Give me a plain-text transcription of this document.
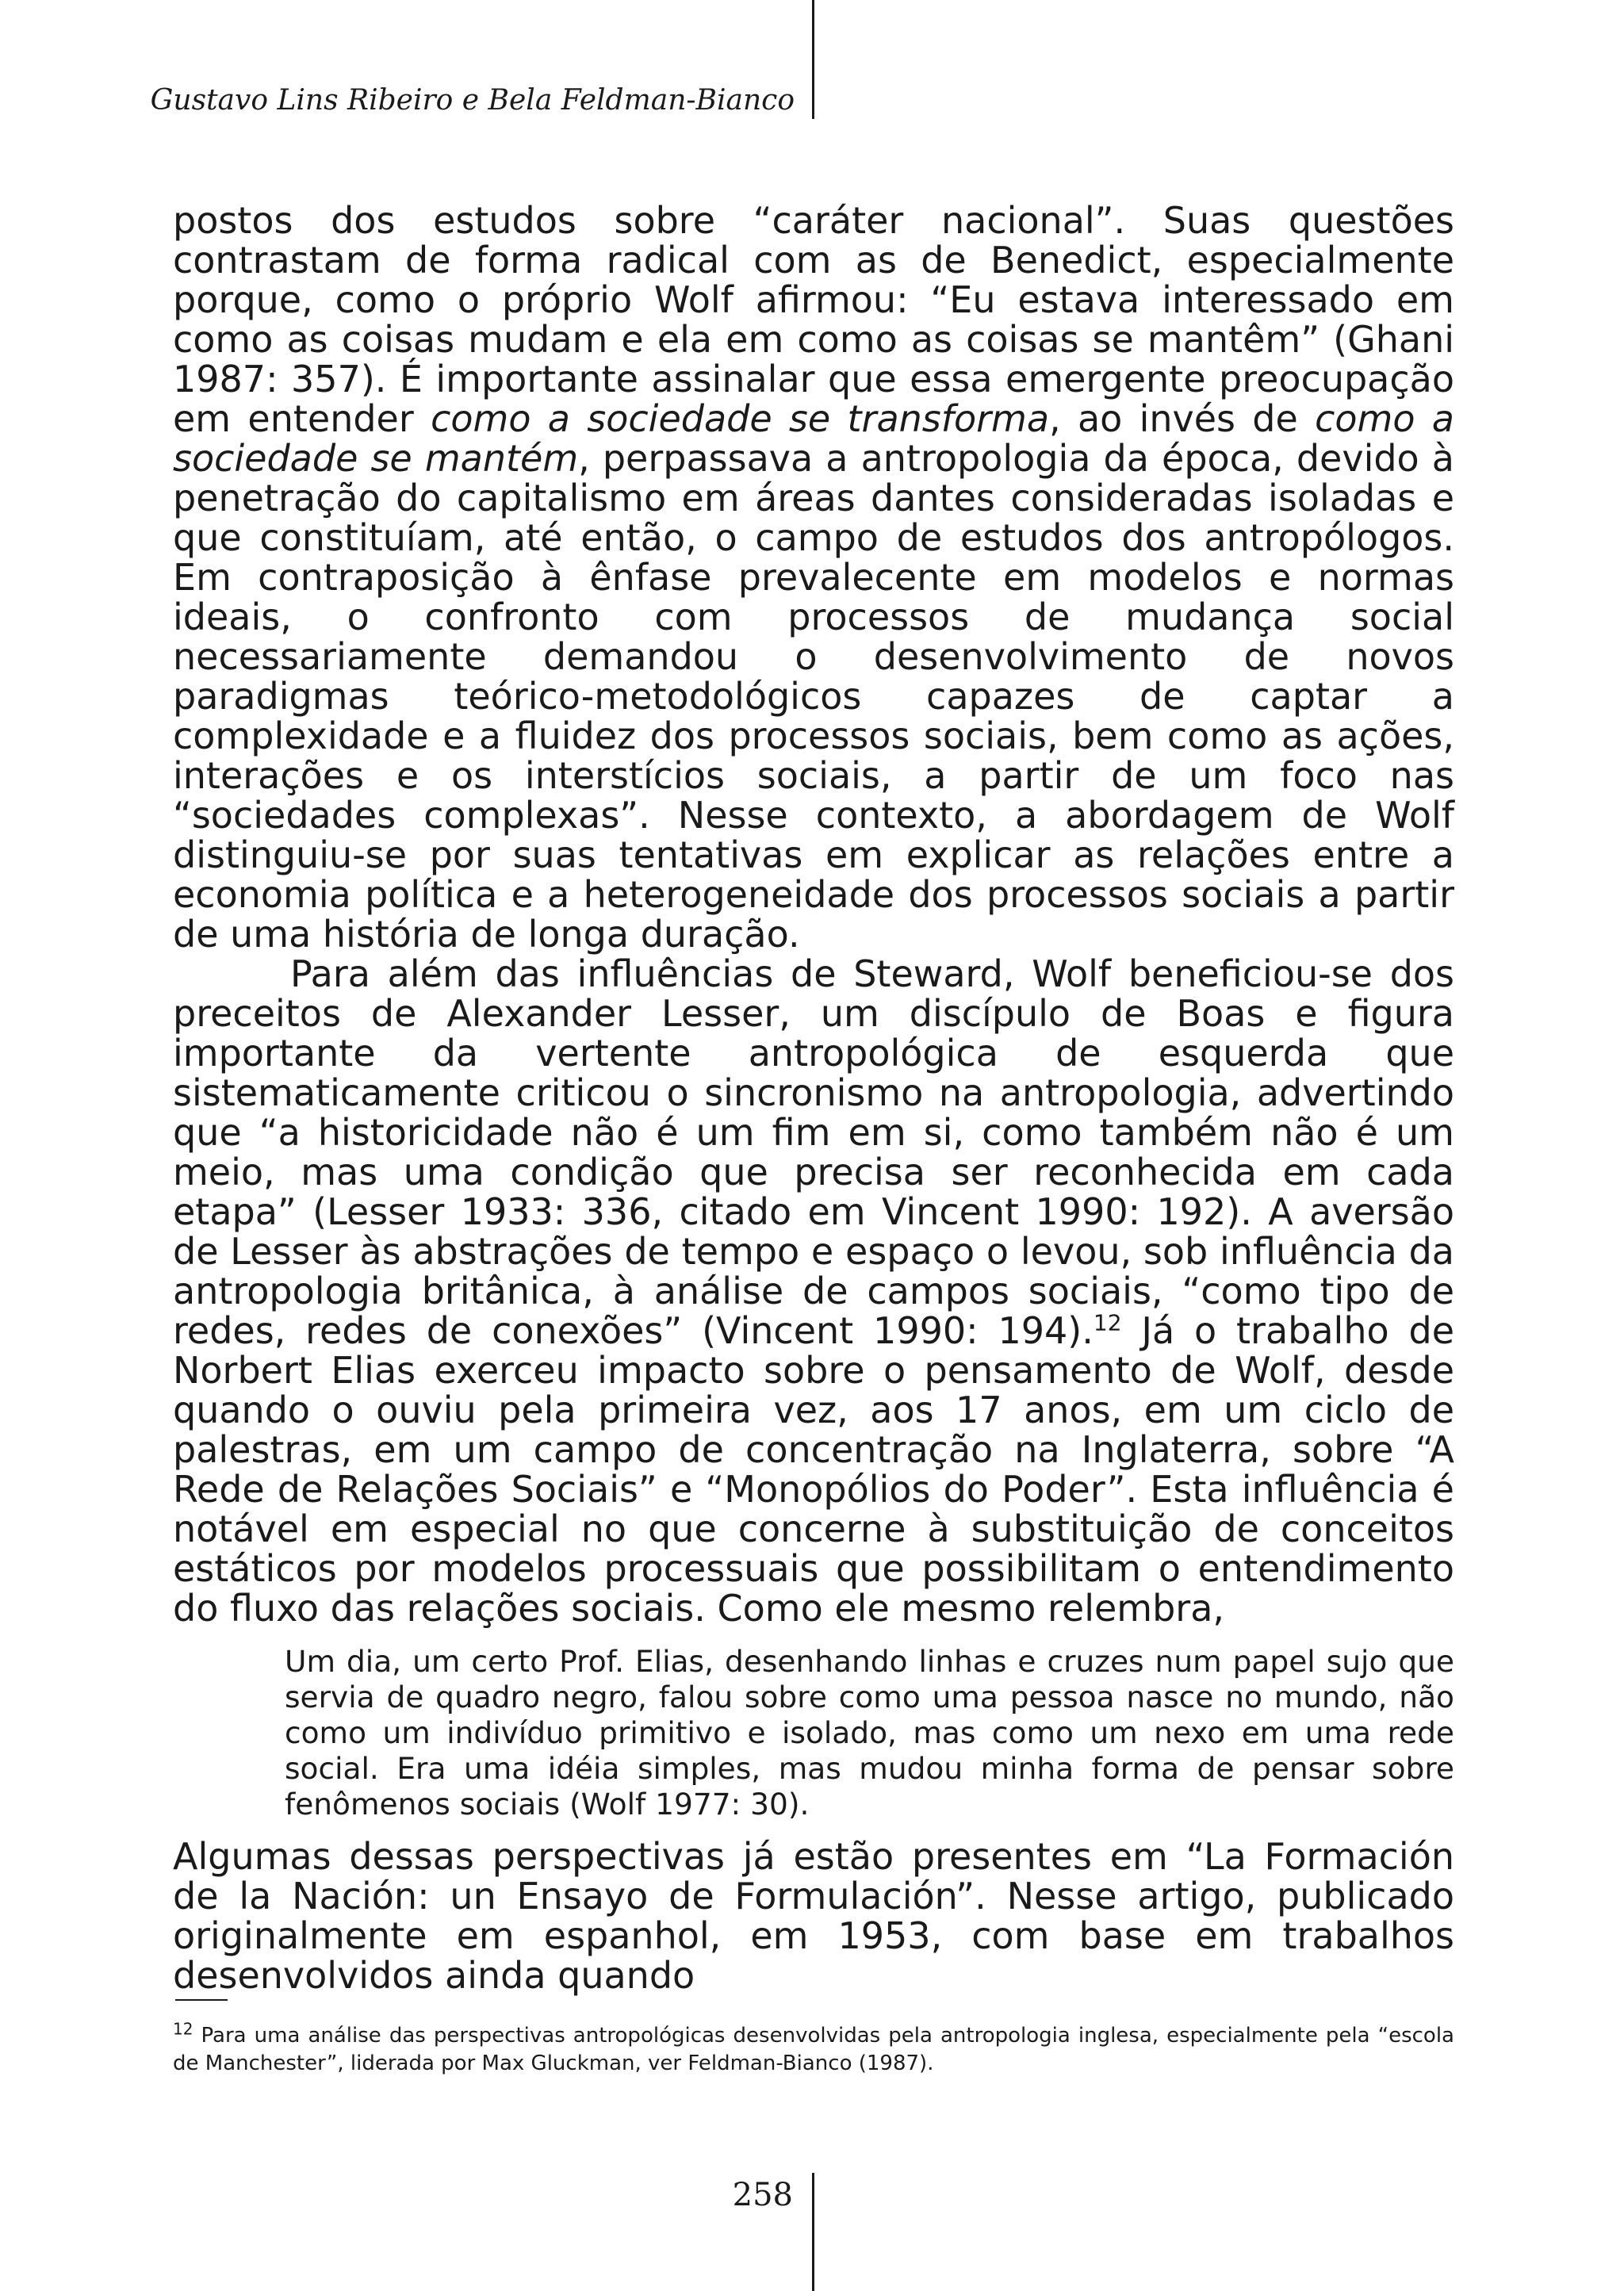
Gustavo Lins Ribeiro e Bela Feldman-Bianco

postos dos estudos sobre “caráter nacional”. Suas questões contrastam de forma radical com as de Benedict, especialmente porque, como o próprio Wolf afirmou: “Eu estava interessado em como as coisas mudam e ela em como as coisas se mantêm” (Ghani 1987: 357). É importante assinalar que essa emergente preocupação em entender como a sociedade se transforma, ao invés de como a sociedade se mantém, perpassava a antropologia da época, devido à penetração do capitalismo em áreas dantes consideradas isoladas e que constituíam, até então, o campo de estudos dos antropólogos. Em contraposição à ênfase prevalecente em modelos e normas ideais, o confronto com processos de mudança social necessariamente demandou o desenvolvimento de novos paradigmas teórico-metodológicos capazes de captar a complexidade e a fluidez dos processos sociais, bem como as ações, interações e os interstícios sociais, a partir de um foco nas “sociedades complexas”. Nesse contexto, a abordagem de Wolf distinguiu-se por suas tentativas em explicar as relações entre a economia política e a heterogeneidade dos processos sociais a partir de uma história de longa duração.

Para além das influências de Steward, Wolf beneficiou-se dos preceitos de Alexander Lesser, um discípulo de Boas e figura importante da vertente antropológica de esquerda que sistematicamente criticou o sincronismo na antropologia, advertindo que “a historicidade não é um fim em si, como também não é um meio, mas uma condição que precisa ser reconhecida em cada etapa” (Lesser 1933: 336, citado em Vincent 1990: 192). A aversão de Lesser às abstrações de tempo e espaço o levou, sob influência da antropologia britânica, à análise de campos sociais, “como tipo de redes, redes de conexões” (Vincent 1990: 194).$^{12}$ Já o trabalho de Norbert Elias exerceu impacto sobre o pensamento de Wolf, desde quando o ouviu pela primeira vez, aos 17 anos, em um ciclo de palestras, em um campo de concentração na Inglaterra, sobre “A Rede de Relações Sociais” e “Monopólios do Poder”. Esta influência é notável em especial no que concerne à substituição de conceitos estáticos por modelos processuais que possibilitam o entendimento do fluxo das relações sociais. Como ele mesmo relembra,

Um dia, um certo Prof. Elias, desenhando linhas e cruzes num papel sujo que servia de quadro negro, falou sobre como uma pessoa nasce no mundo, não como um indivíduo primitivo e isolado, mas como um nexo em uma rede social. Era uma idéia simples, mas mudou minha forma de pensar sobre fenômenos sociais (Wolf 1977: 30).

Algumas dessas perspectivas já estão presentes em “La Formación de la Nación: un Ensayo de Formulación”. Nesse artigo, publicado originalmente em espanhol, em 1953, com base em trabalhos desenvolvidos ainda quando

$^{12}$ Para uma análise das perspectivas antropológicas desenvolvidas pela antropologia inglesa, especialmente pela “escola de Manchester”, liderada por Max Gluckman, ver Feldman-Bianco (1987).
258
